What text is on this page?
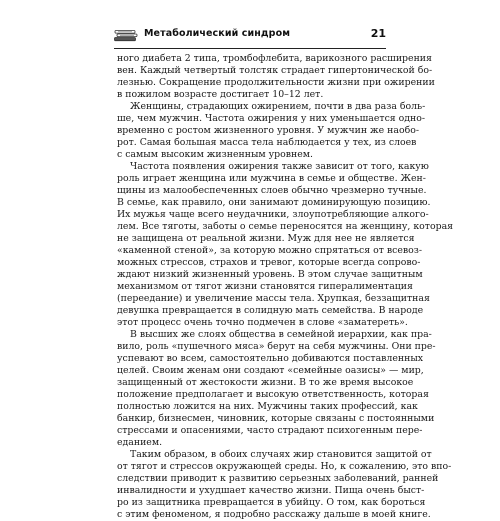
Метаболический синдром	21
ного диабета 2 типа, тромбофлебита, варикозного расширения
вен. Каждый четвертый толстяк страдает гипертонической бо-
лезнью. Сокращение продолжительности жизни при ожирении
в пожилом возрасте достигает 10–12 лет.
Женщины, страдающих ожирением, почти в два раза боль-
ше, чем мужчин. Частота ожирения у них уменьшается одно-
временно с ростом жизненного уровня. У мужчин же наобо-
рот. Самая большая масса тела наблюдается у тех, из слоев
с самым высоким жизненным уровнем.
Частота появления ожирения также зависит от того, какую
роль играет женщина или мужчина в семье и обществе. Жен-
щины из малообеспеченных слоев обычно чрезмерно тучные.
В семье, как правило, они занимают доминирующую позицию.
Их мужья чаще всего неудачники, злоупотребляющие алкого-
лем. Все тяготы, заботы о семье переносятся на женщину, которая
не защищена от реальной жизни. Муж для нее не является
«каменной стеной», за которую можно спрятаться от всевоз-
можных стрессов, страхов и тревог, которые всегда сопрово-
ждают низкий жизненный уровень. В этом случае защитным
механизмом от тягот жизни становятся гипералиментация
(переедание) и увеличение массы тела. Хрупкая, беззащитная
девушка превращается в солидную мать семейства. В народе
этот процесс очень точно подмечен в слове «заматереть».
В высших же слоях общества в семейной иерархии, как пра-
вило, роль «пушечного мяса» берут на себя мужчины. Они пре-
успевают во всем, самостоятельно добиваются поставленных
целей. Своим женам они создают «семейные оазисы» — мир,
защищенный от жестокости жизни. В то же время высокое
положение предполагает и высокую ответственность, которая
полностью ложится на них. Мужчины таких профессий, как
банкир, бизнесмен, чиновник, которые связаны с постоянными
стрессами и опасениями, часто страдают психогенным пере-
еданием.
Таким образом, в обоих случаях жир становится защитой от
от тягот и стрессов окружающей среды. Но, к сожалению, это впо-
следствии приводит к развитию серьезных заболеваний, ранней
инвалидности и ухудшает качество жизни. Пища очень быст-
ро из защитника превращается в убийцу. О том, как бороться
с этим феноменом, я подробно расскажу дальше в моей книге.
